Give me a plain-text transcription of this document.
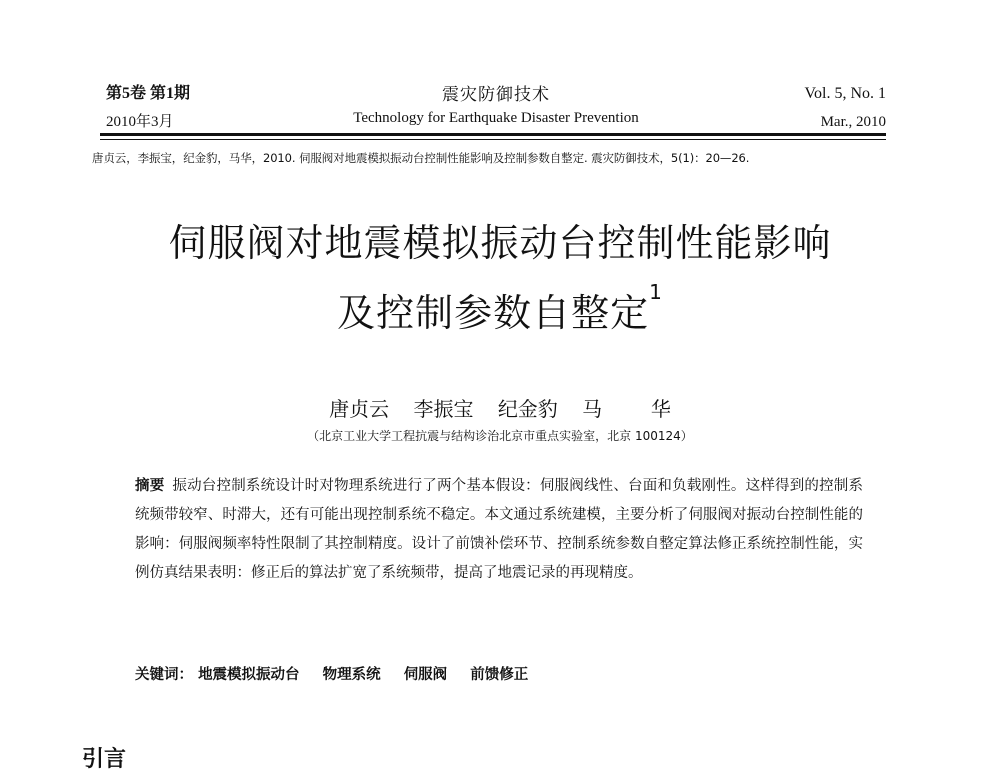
第5卷 第1期	震灾防御技术	Vol. 5, No. 1
2010年3月	Technology for Earthquake Disaster Prevention	Mar., 2010
唐贞云，李振宝，纪金豹，马华，2010. 伺服阀对地震模拟振动台控制性能影响及控制参数自整定. 震灾防御技术，5(1)：20—26.
伺服阀对地震模拟振动台控制性能影响
及控制参数自整定$^1$
唐贞云 李振宝 纪金豹 马  华
（北京工业大学工程抗震与结构诊治北京市重点实验室，北京 100124）
摘要 振动台控制系统设计时对物理系统进行了两个基本假设：伺服阀线性、台面和负载刚性。这样得到的控制系统频带较窄、时滞大，还有可能出现控制系统不稳定。本文通过系统建模，主要分析了伺服阀对振动台控制性能的影响：伺服阀频率特性限制了其控制精度。设计了前馈补偿环节、控制系统参数自整定算法修正系统控制性能，实例仿真结果表明：修正后的算法扩宽了系统频带，提高了地震记录的再现精度。
关键词： 地震模拟振动台 物理系统 伺服阀 前馈修正
引言
